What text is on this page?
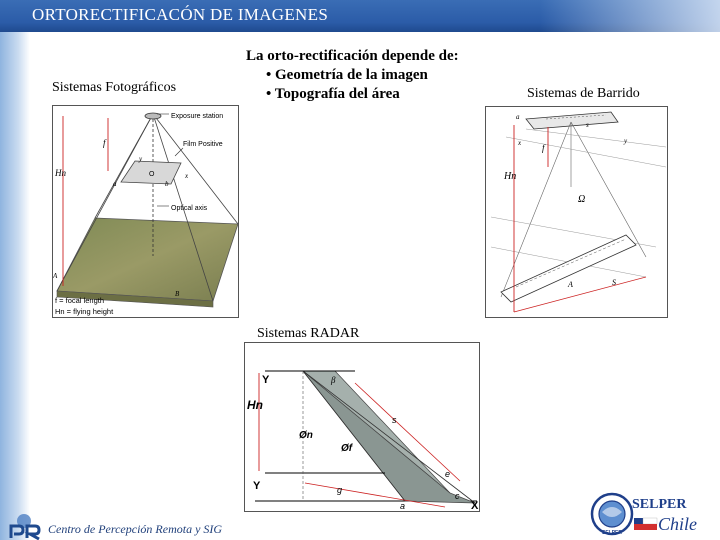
ORTORECTIFICACÓN DE IMAGENES
La orto-rectificación depende de:
• Geometría de la imagen
• Topografía del área
Sistemas Fotográficos	Sistemas de Barrido
Sistemas RADAR
Exposure station
Film Positive
Optical axis
f
Hn	O
a	b
x
y
A
B
f = focal length
Hn = flying height
f
Hn
Ω
x	y
a
s
A	S
Y
Hn
Y
Øn
Øf
β
s
g
e
c
a	X
Centro de Percepción Remota y SIG	SELPER
SELPER
Chile
